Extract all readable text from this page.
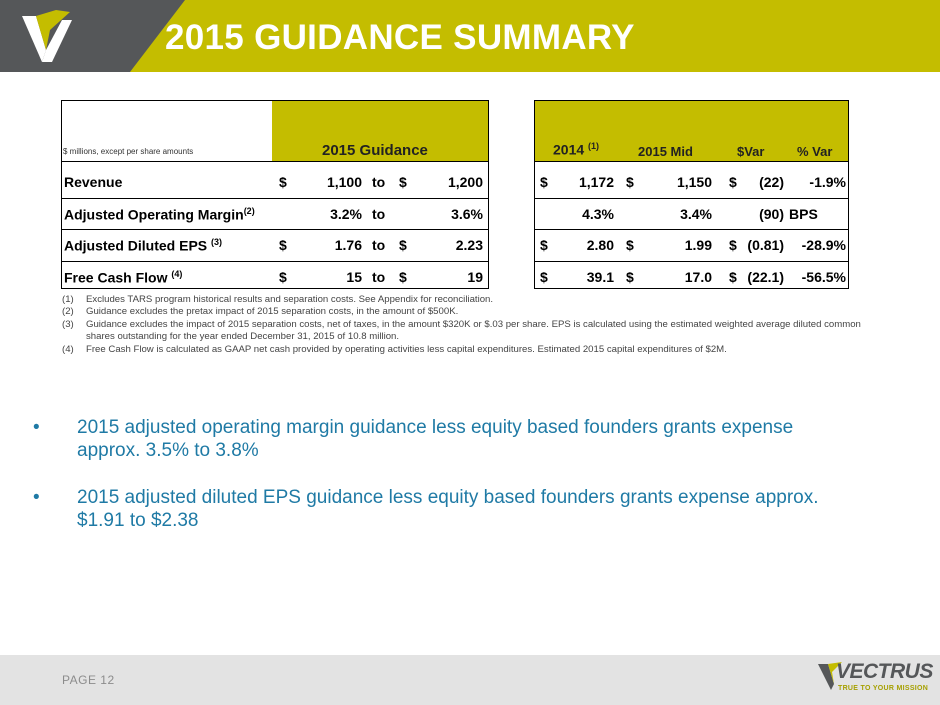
2015 GUIDANCE SUMMARY
$ millions, except per share amounts	2015 Guidance	2014 $^{(1)}$	2015 Mid	$Var	% Var
Revenue	$	1,100 to $	1,200	$	1,172 $	1,150 $	(22)	-1.9%
Adjusted Operating Margin$^{(2)}$	3.2% to	3.6%	4.3%	3.4%	(90) BPS
Adjusted Diluted EPS $^{(3)}$	$	1.76 to $	2.23	$	2.80 $	1.99 $ (0.81)	-28.9%
Free Cash Flow $^{(4)}$	$	15 to $	19	$	39.1 $	17.0 $ (22.1)	-56.5%
(1) Excludes TARS program historical results and separation costs. See Appendix for reconciliation.
(2) Guidance excludes the pretax impact of 2015 separation costs, in the amount of $500K.
(3) Guidance excludes the impact of 2015 separation costs, net of taxes, in the amount $320K or $.03 per share. EPS is calculated using the estimated weighted average diluted common shares outstanding for the year ended December 31, 2015 of 10.8 million.
(4) Free Cash Flow is calculated as GAAP net cash provided by operating activities less capital expenditures. Estimated 2015 capital expenditures of $2M.
• 2015 adjusted operating margin guidance less equity based founders grants expense approx. 3.5% to 3.8%
• 2015 adjusted diluted EPS guidance less equity based founders grants expense approx. $1.91 to $2.38
PAGE 12	VECTRUS
TRUE TO YOUR MISSION
